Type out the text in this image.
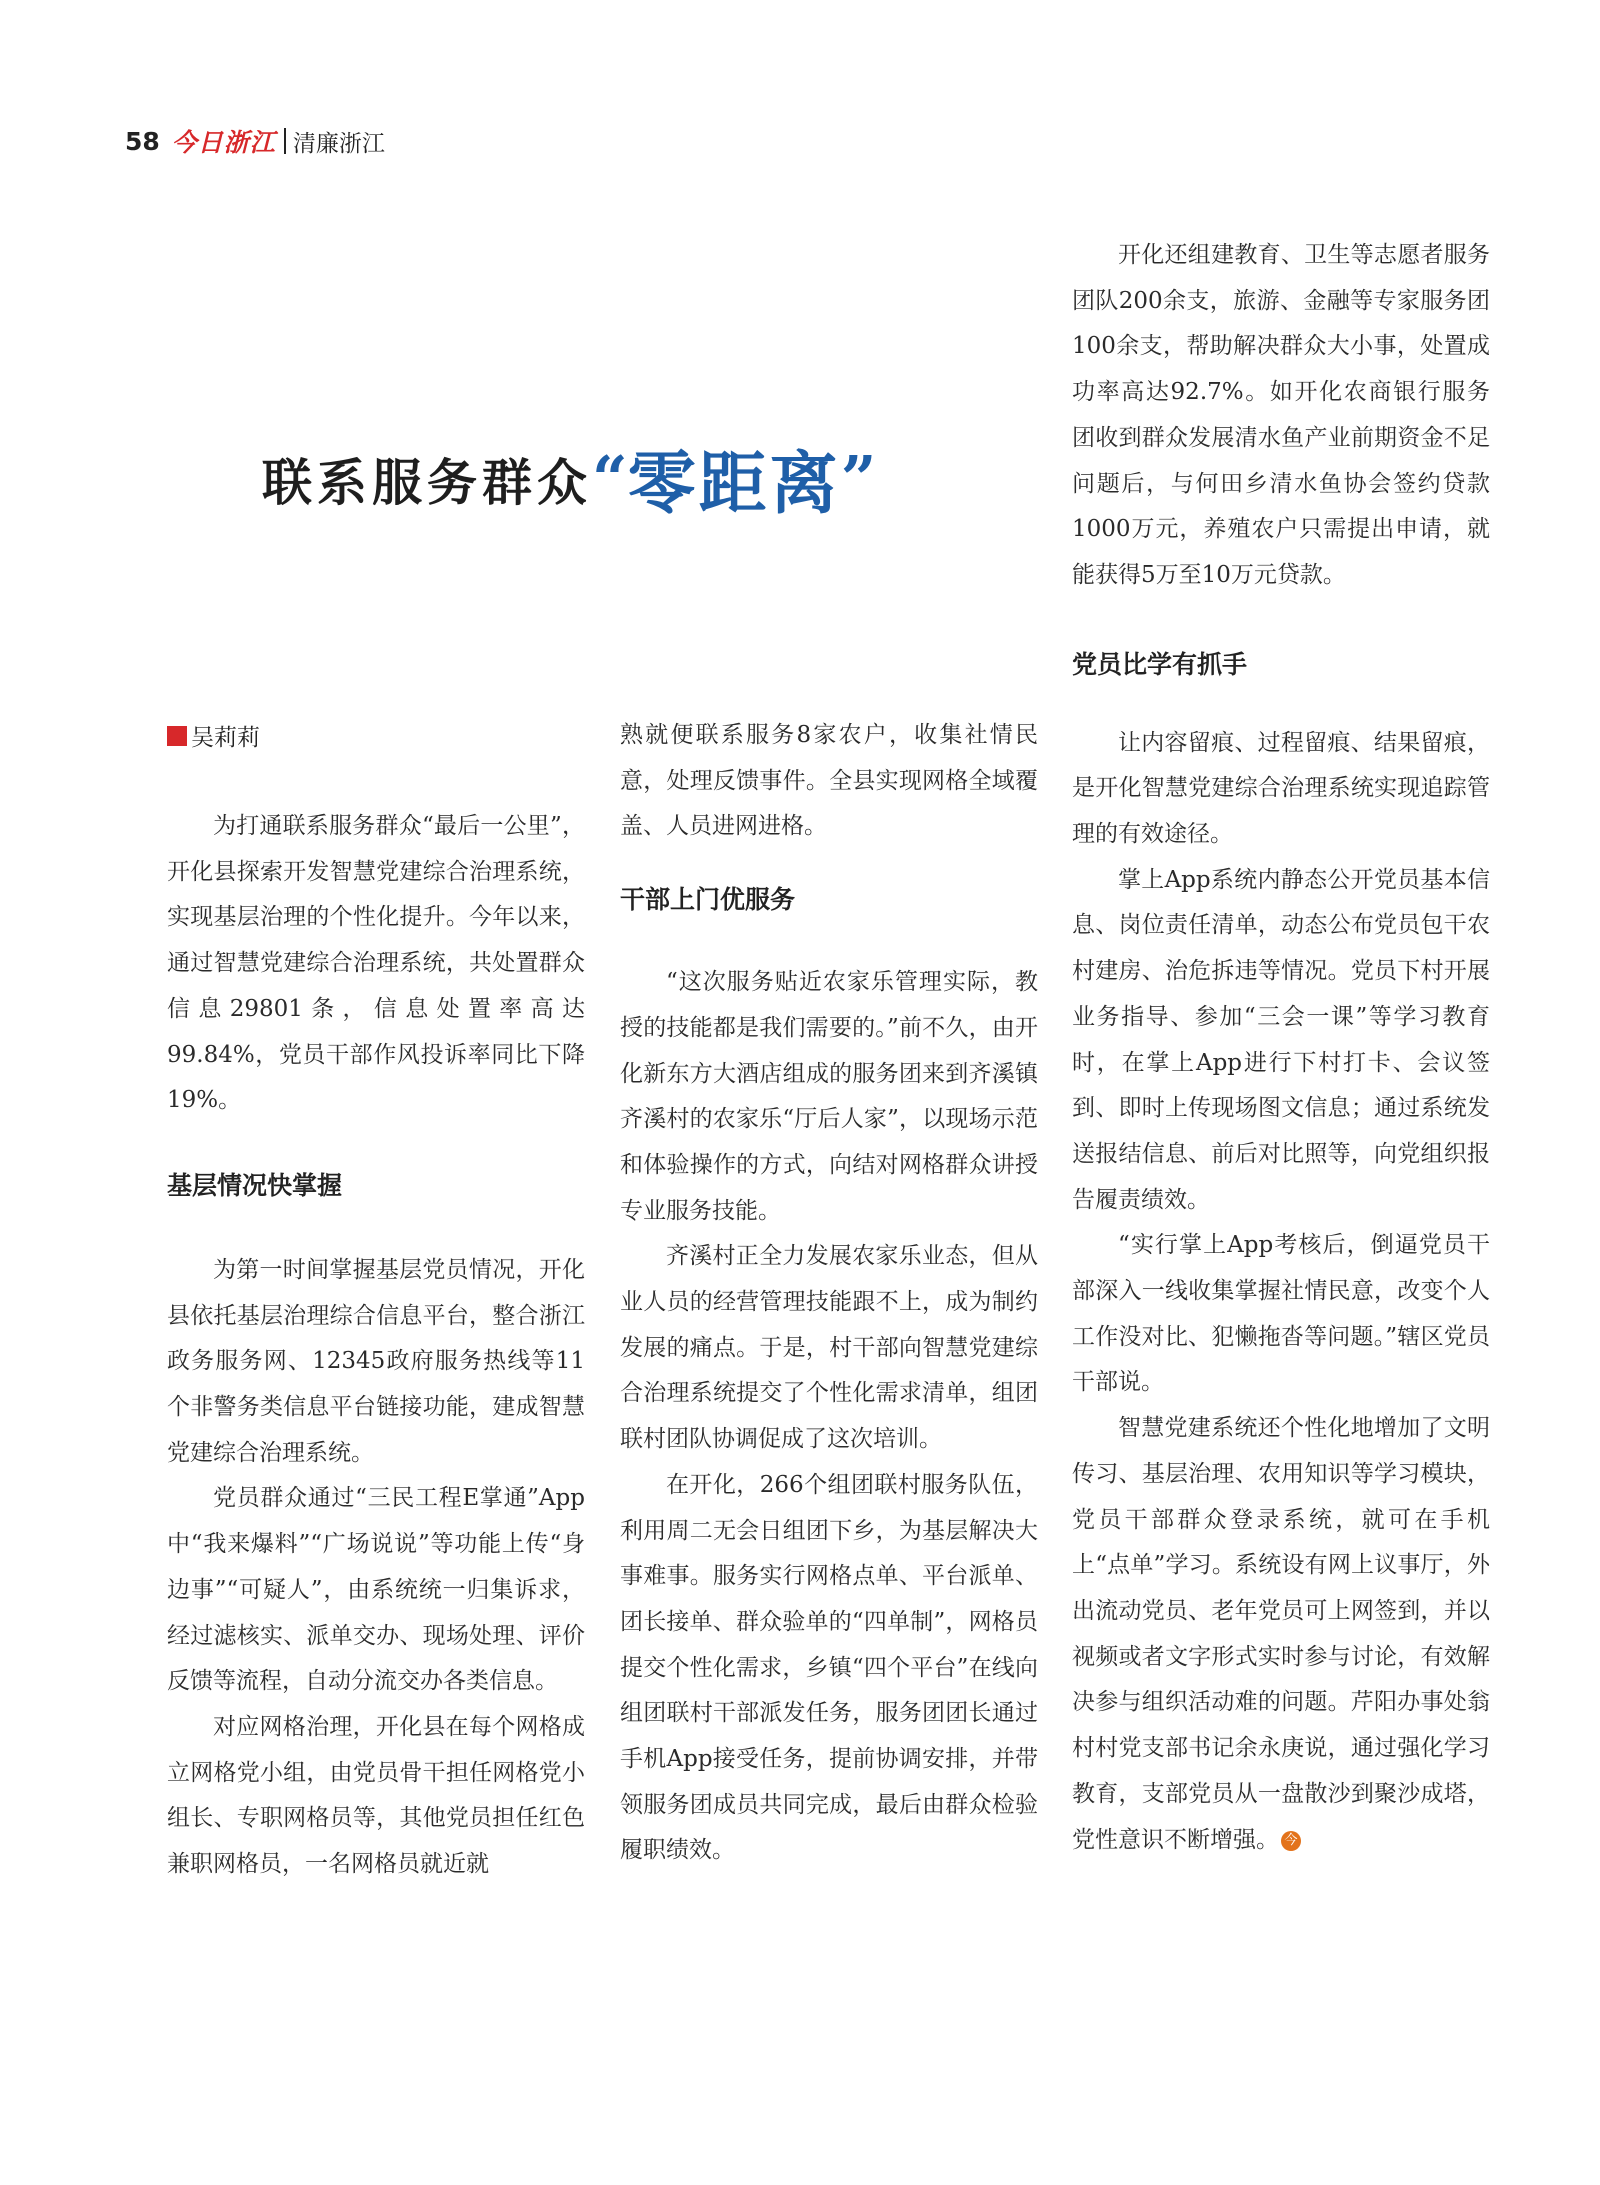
58 今日浙江 清廉浙江
联系服务群众 “ 零距离 ”
吴莉莉

为打通联系服务群众“最后一公里”，开化县探索开发智慧党建综合治理系统，实现基层治理的个性化提升。今年以来，通过智慧党建综合治理系统，共处置群众信息29801条，信息处置率高达99.84%，党员干部作风投诉率同比下降19%。

基层情况快掌握

为第一时间掌握基层党员情况，开化县依托基层治理综合信息平台，整合浙江政务服务网、12345政府服务热线等11个非警务类信息平台链接功能，建成智慧党建综合治理系统。

党员群众通过“三民工程E掌通”App中“我来爆料”“广场说说”等功能上传“身边事”“可疑人”，由系统统一归集诉求，经过滤核实、派单交办、现场处理、评价反馈等流程，自动分流交办各类信息。

对应网格治理，开化县在每个网格成立网格党小组，由党员骨干担任网格党小组长、专职网格员等，其他党员担任红色兼职网格员，一名网格员就近就

熟就便联系服务8家农户，收集社情民意，处理反馈事件。全县实现网格全域覆盖、人员进网进格。

干部上门优服务

“这次服务贴近农家乐管理实际，教授的技能都是我们需要的。”前不久，由开化新东方大酒店组成的服务团来到齐溪镇齐溪村的农家乐“厅后人家”，以现场示范和体验操作的方式，向结对网格群众讲授专业服务技能。

齐溪村正全力发展农家乐业态，但从业人员的经营管理技能跟不上，成为制约发展的痛点。于是，村干部向智慧党建综合治理系统提交了个性化需求清单，组团联村团队协调促成了这次培训。

在开化，266个组团联村服务队伍，利用周二无会日组团下乡，为基层解决大事难事。服务实行网格点单、平台派单、团长接单、群众验单的“四单制”，网格员提交个性化需求，乡镇“四个平台”在线向组团联村干部派发任务，服务团团长通过手机App接受任务，提前协调安排，并带领服务团成员共同完成，最后由群众检验履职绩效。

开化还组建教育、卫生等志愿者服务团队200余支，旅游、金融等专家服务团100余支，帮助解决群众大小事，处置成功率高达92.7%。如开化农商银行服务团收到群众发展清水鱼产业前期资金不足问题后，与何田乡清水鱼协会签约贷款1000万元，养殖农户只需提出申请，就能获得5万至10万元贷款。

党员比学有抓手

让内容留痕、过程留痕、结果留痕，是开化智慧党建综合治理系统实现追踪管理的有效途径。

掌上App系统内静态公开党员基本信息、岗位责任清单，动态公布党员包干农村建房、治危拆违等情况。党员下村开展业务指导、参加“三会一课”等学习教育时，在掌上App进行下村打卡、会议签到、即时上传现场图文信息；通过系统发送报结信息、前后对比照等，向党组织报告履责绩效。

“实行掌上App考核后，倒逼党员干部深入一线收集掌握社情民意，改变个人工作没对比、犯懒拖沓等问题。”辖区党员干部说。

智慧党建系统还个性化地增加了文明传习、基层治理、农用知识等学习模块，党员干部群众登录系统，就可在手机上“点单”学习。系统设有网上议事厅，外出流动党员、老年党员可上网签到，并以视频或者文字形式实时参与讨论，有效解决参与组织活动难的问题。芹阳办事处翁村村党支部书记余永庚说，通过强化学习教育，支部党员从一盘散沙到聚沙成塔，党性意识不断增强。 今
